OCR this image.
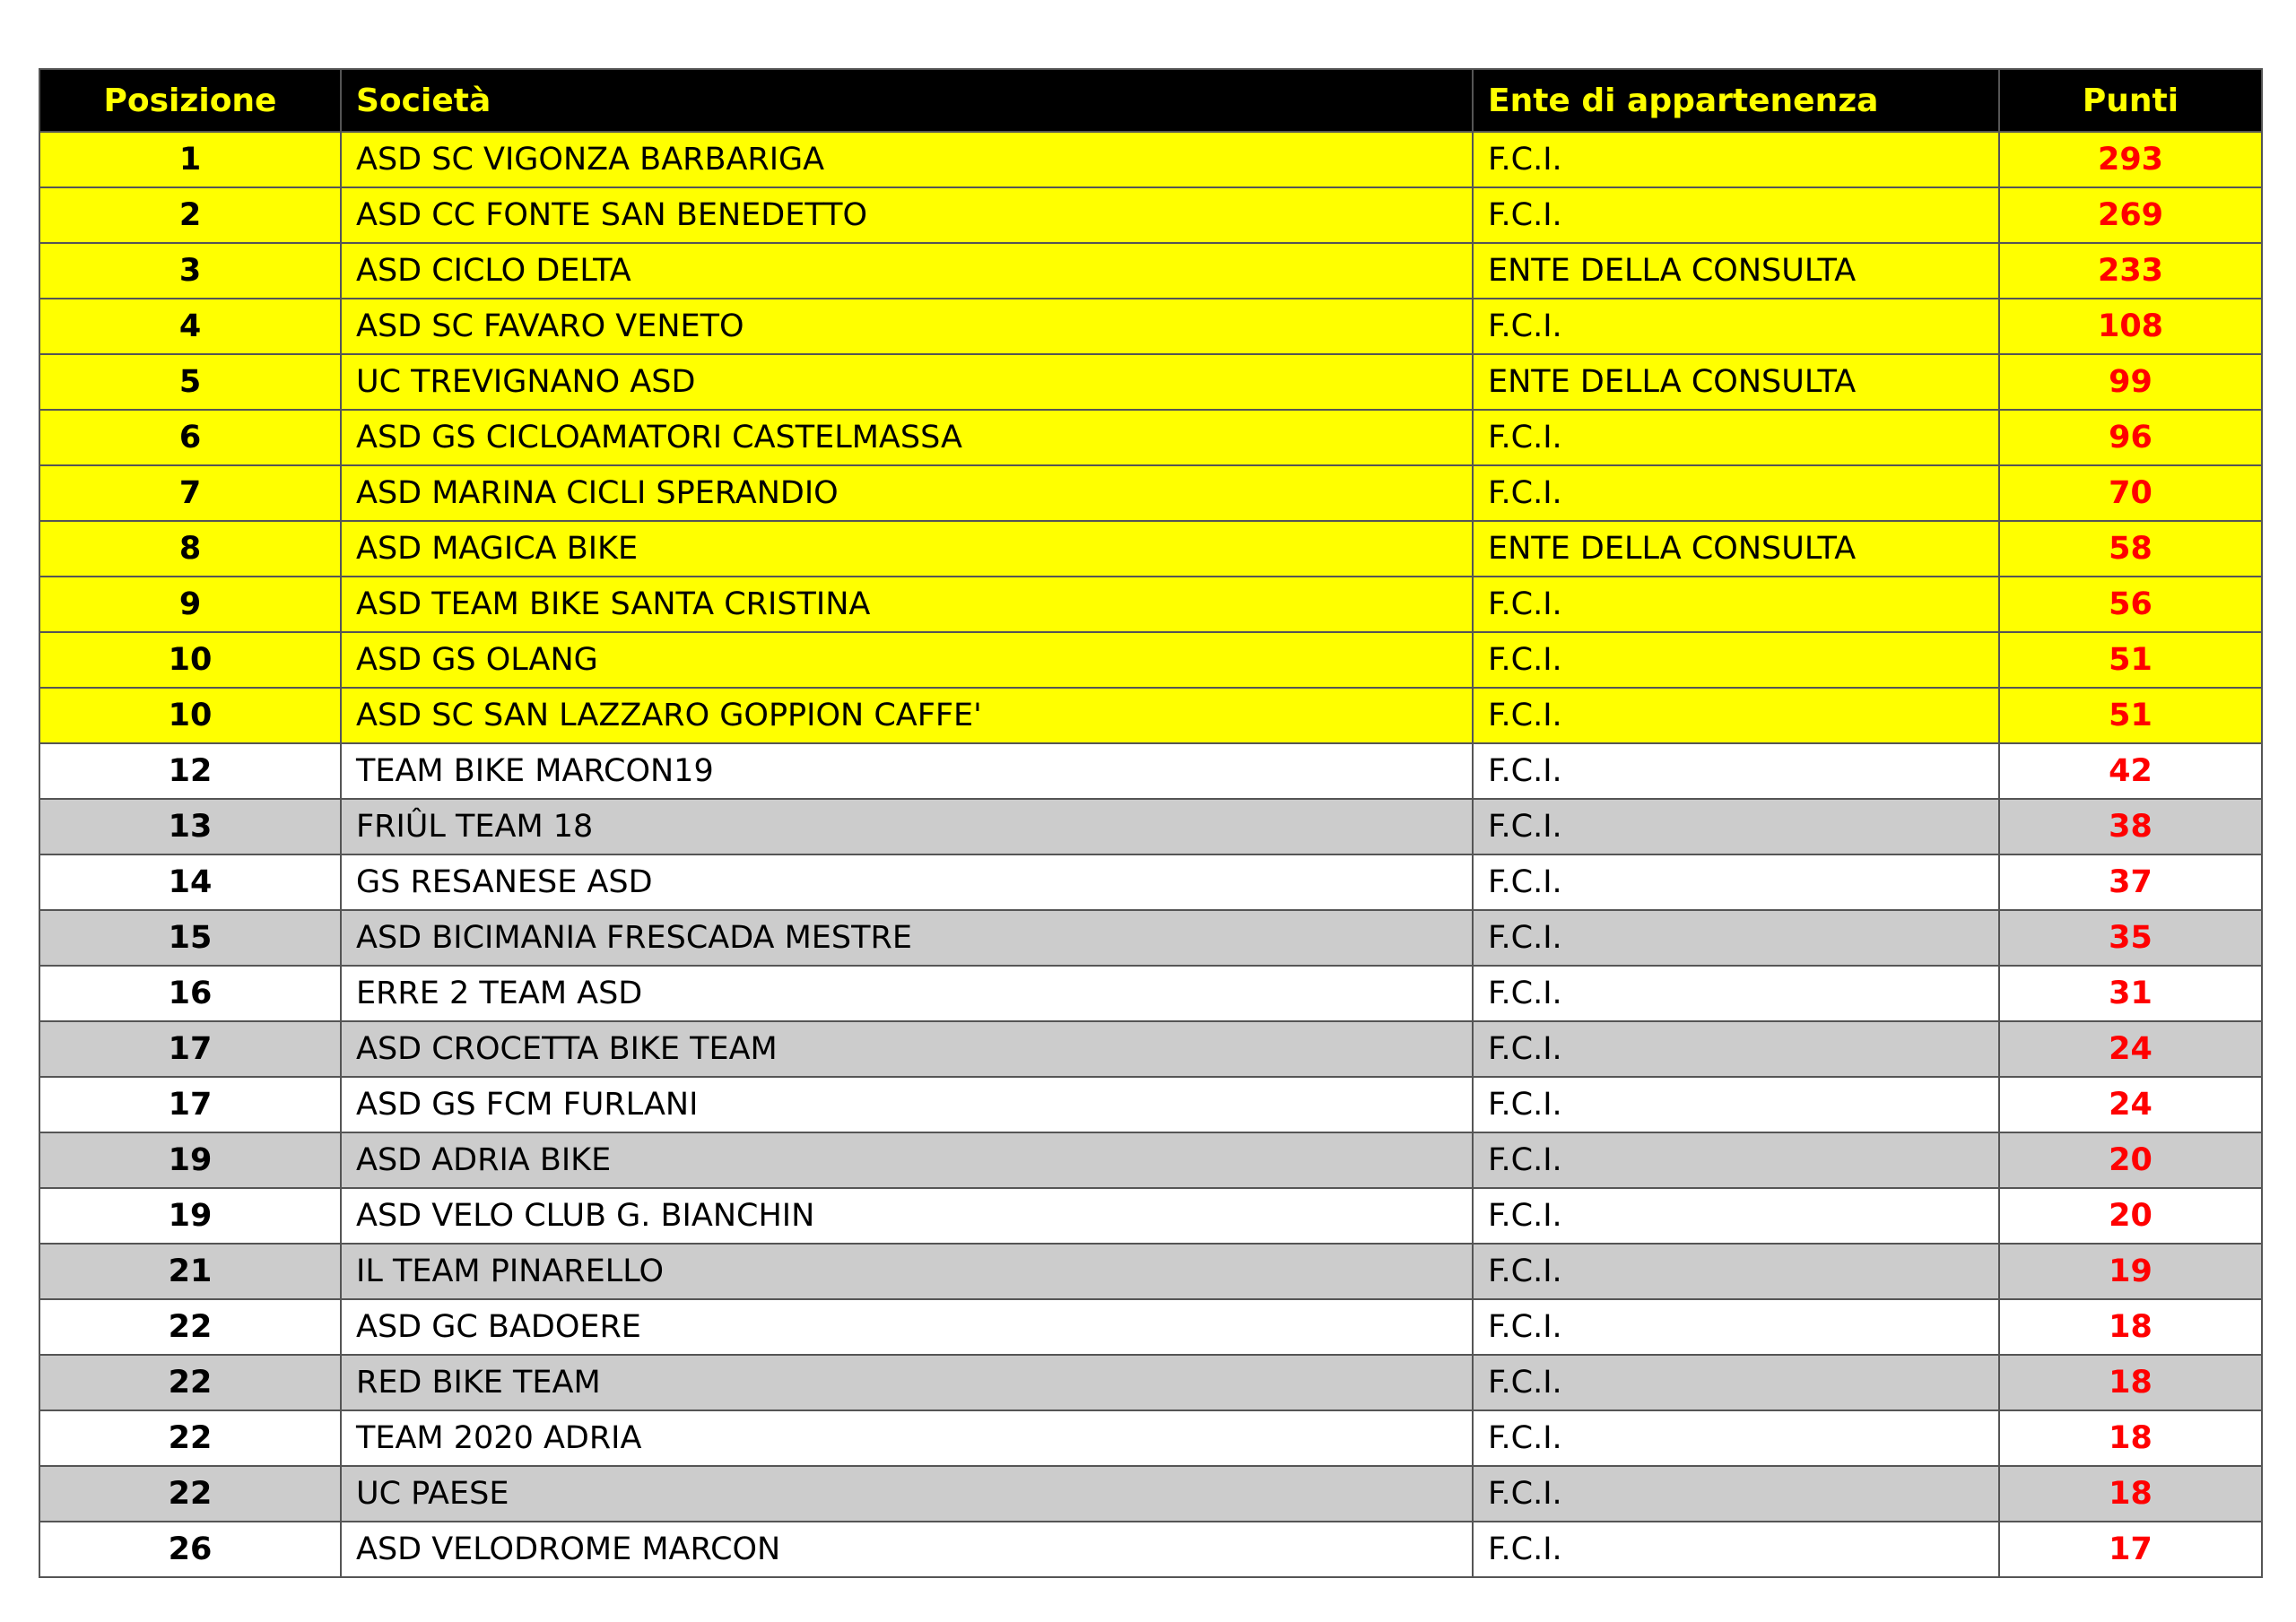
Posizione	Società	Ente di appartenenza	Punti
1	ASD SC VIGONZA BARBARIGA	F.C.I.	293
2	ASD CC FONTE SAN BENEDETTO	F.C.I.	269
3	ASD CICLO DELTA	ENTE DELLA CONSULTA	233
4	ASD SC FAVARO VENETO	F.C.I.	108
5	UC TREVIGNANO ASD	ENTE DELLA CONSULTA	99
6	ASD GS CICLOAMATORI CASTELMASSA	F.C.I.	96
7	ASD MARINA CICLI SPERANDIO	F.C.I.	70
8	ASD MAGICA BIKE	ENTE DELLA CONSULTA	58
9	ASD TEAM BIKE SANTA CRISTINA	F.C.I.	56
10	ASD GS OLANG	F.C.I.	51
10	ASD SC SAN LAZZARO GOPPION CAFFE'	F.C.I.	51
12	TEAM BIKE MARCON19	F.C.I.	42
13	FRIÛL TEAM 18	F.C.I.	38
14	GS RESANESE ASD	F.C.I.	37
15	ASD BICIMANIA FRESCADA MESTRE	F.C.I.	35
16	ERRE 2 TEAM ASD	F.C.I.	31
17	ASD CROCETTA BIKE TEAM	F.C.I.	24
17	ASD GS FCM FURLANI	F.C.I.	24
19	ASD ADRIA BIKE	F.C.I.	20
19	ASD VELO CLUB G. BIANCHIN	F.C.I.	20
21	IL TEAM PINARELLO	F.C.I.	19
22	ASD GC BADOERE	F.C.I.	18
22	RED BIKE TEAM	F.C.I.	18
22	TEAM 2020 ADRIA	F.C.I.	18
22	UC PAESE	F.C.I.	18
26	ASD VELODROME MARCON	F.C.I.	17
